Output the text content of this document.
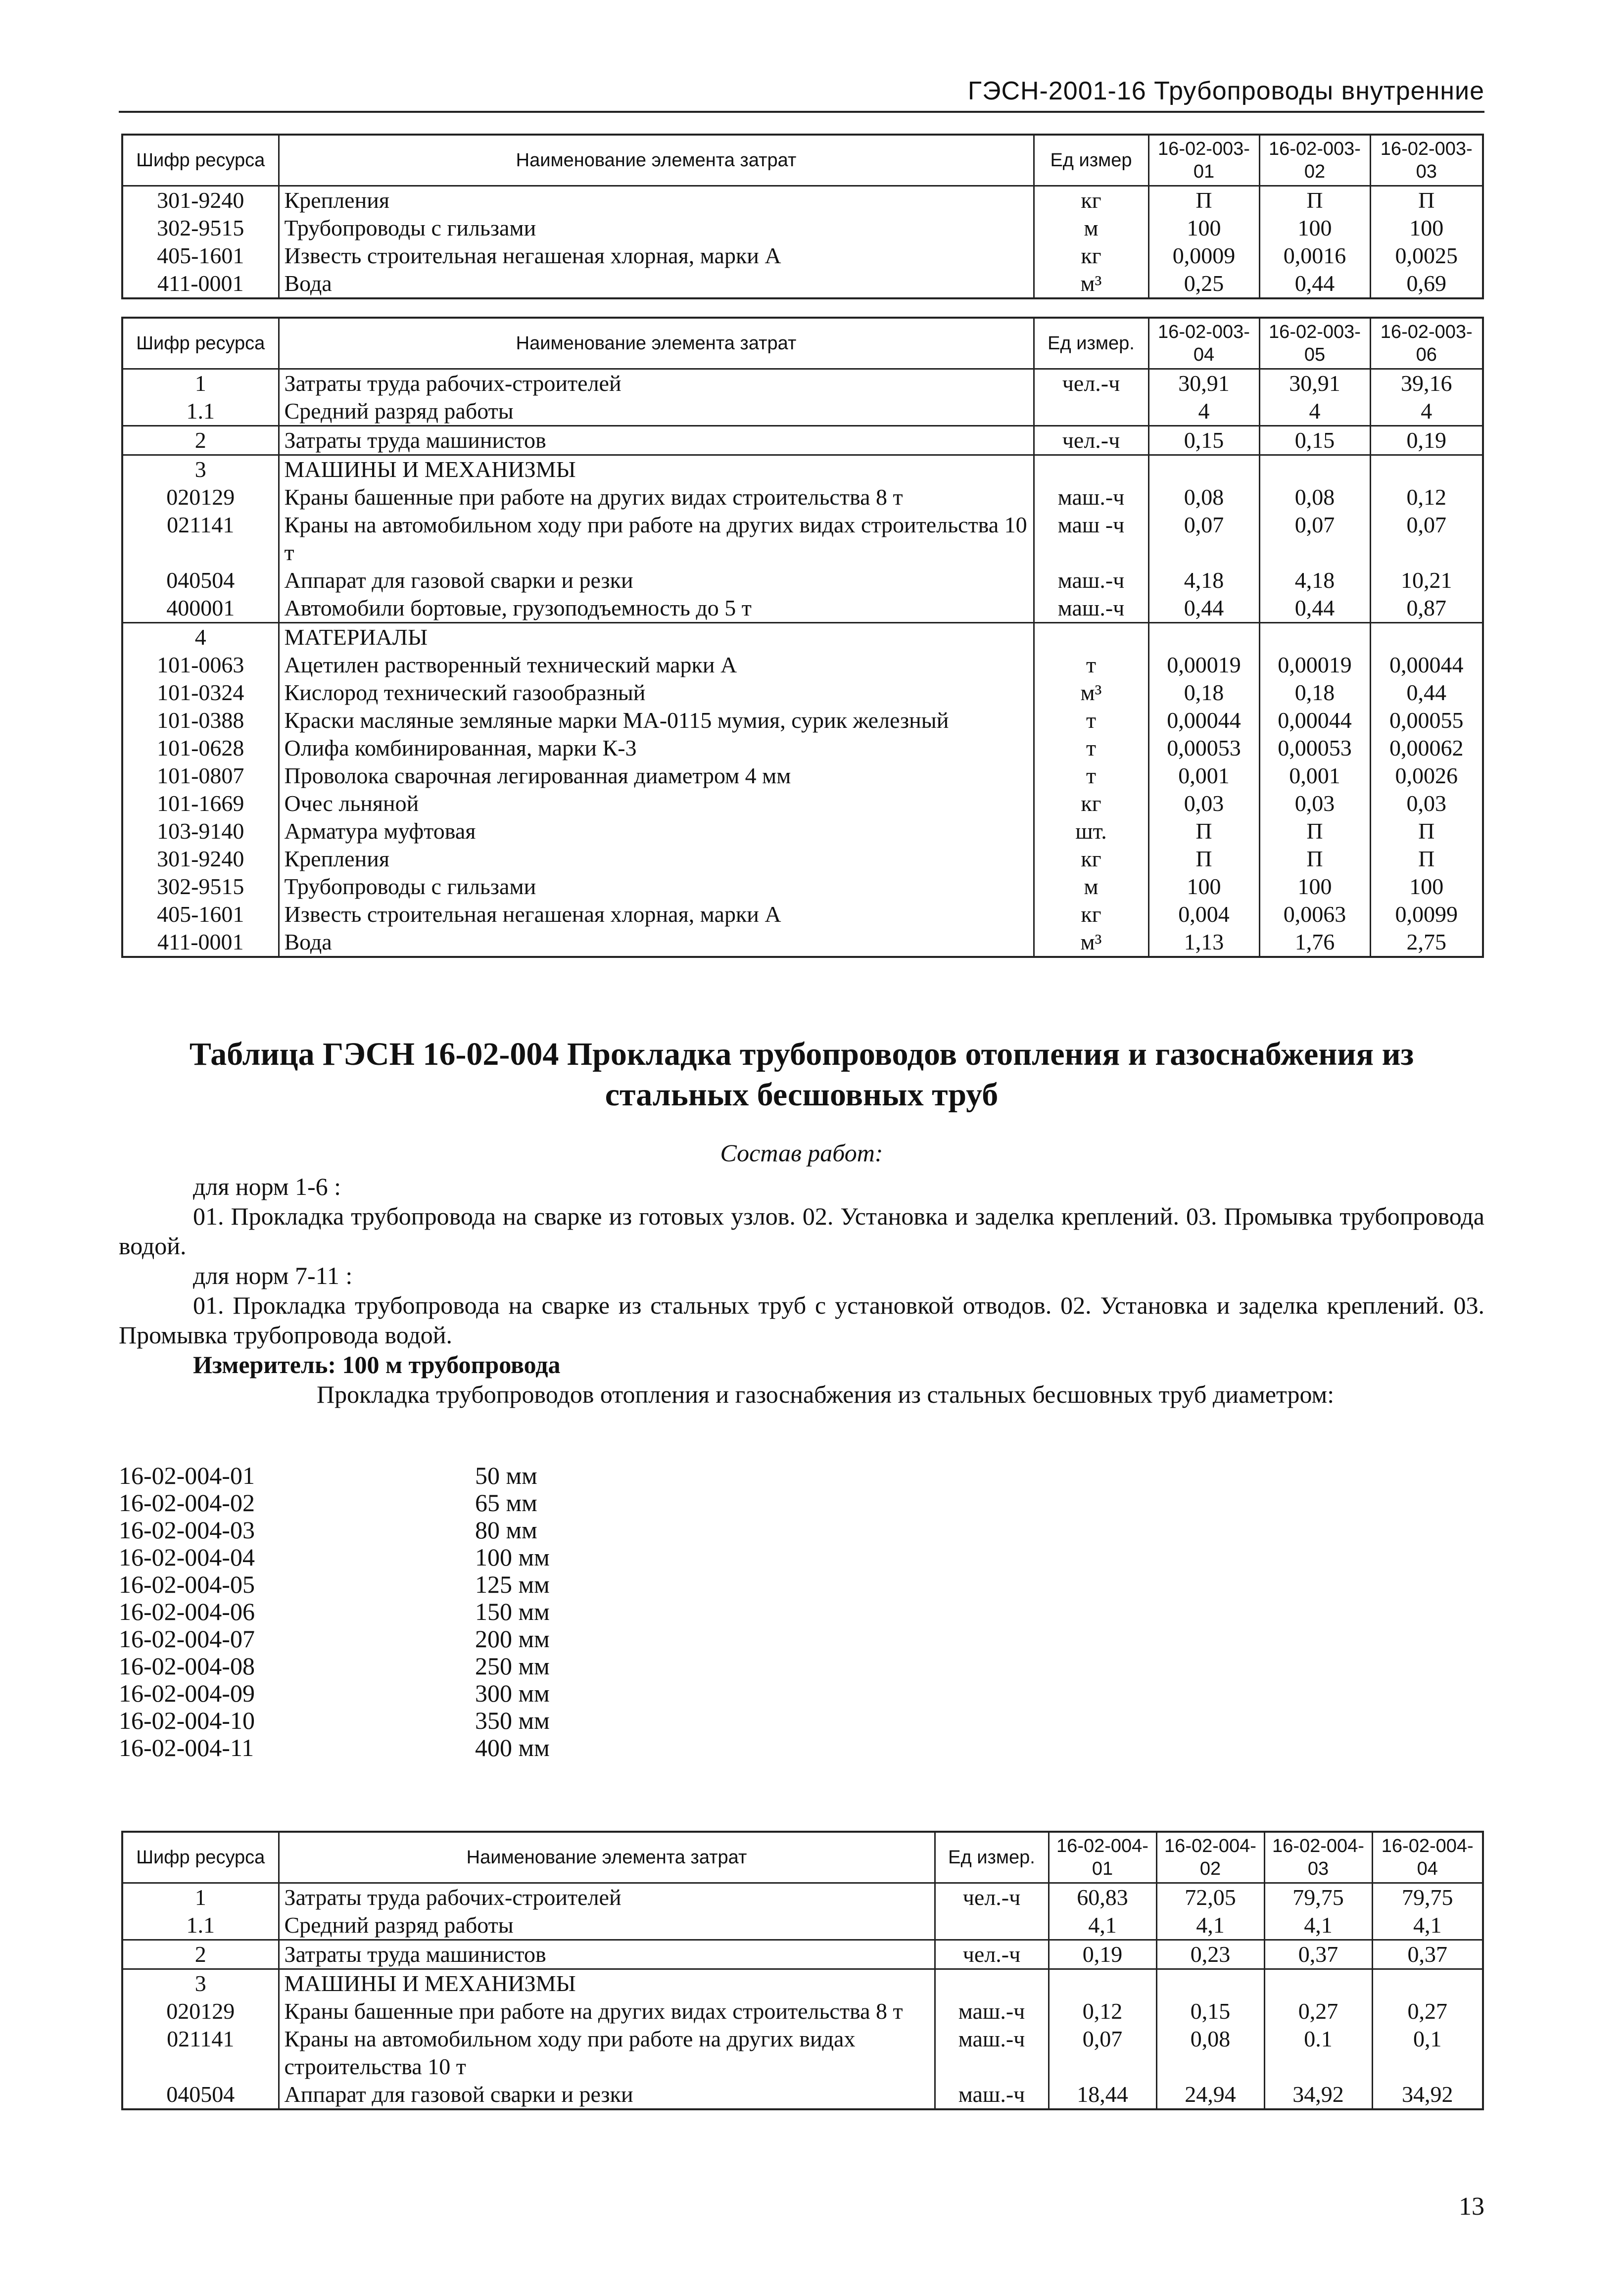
ГЭСН-2001-16 Трубопроводы внутренние
Шифр ресурса	Наименование элемента затрат	Ед измер	16-02-003-01	16-02-003-02	16-02-003-03
301-9240	Крепления	кг	П	П	П
302-9515	Трубопроводы с гильзами	м	100	100	100
405-1601	Известь строительная негашеная хлорная, марки А	кг	0,0009	0,0016	0,0025
411-0001	Вода	м³	0,25	0,44	0,69
Шифр ресурса	Наименование элемента затрат	Ед измер.	16-02-003-04	16-02-003-05	16-02-003-06
1	Затраты труда рабочих-строителей	чел.-ч	30,91	30,91	39,16
1.1	Средний разряд работы		4	4	4
2	Затраты труда машинистов	чел.-ч	0,15	0,15	0,19
3	МАШИНЫ И МЕХАНИЗМЫ				
020129	Краны башенные при работе на других видах строительства 8 т	маш.-ч	0,08	0,08	0,12
021141	Краны на автомобильном ходу при работе на других видах строительства 10 т	маш -ч	0,07	0,07	0,07
040504	Аппарат для газовой сварки и резки	маш.-ч	4,18	4,18	10,21
400001	Автомобили бортовые, грузоподъемность до 5 т	маш.-ч	0,44	0,44	0,87
4	МАТЕРИАЛЫ				
101-0063	Ацетилен растворенный технический марки А	т	0,00019	0,00019	0,00044
101-0324	Кислород технический газообразный	м³	0,18	0,18	0,44
101-0388	Краски масляные земляные марки МА-0115 мумия, сурик железный	т	0,00044	0,00044	0,00055
101-0628	Олифа комбинированная, марки К-3	т	0,00053	0,00053	0,00062
101-0807	Проволока сварочная легированная диаметром 4 мм	т	0,001	0,001	0,0026
101-1669	Очес льняной	кг	0,03	0,03	0,03
103-9140	Арматура муфтовая	шт.	П	П	П
301-9240	Крепления	кг	П	П	П
302-9515	Трубопроводы с гильзами	м	100	100	100
405-1601	Известь строительная негашеная хлорная, марки А	кг	0,004	0,0063	0,0099
411-0001	Вода	м³	1,13	1,76	2,75
Таблица ГЭСН 16-02-004 Прокладка трубопроводов отопления и газоснабжения из стальных бесшовных труб
Состав работ:
для норм 1-6 :
01. Прокладка трубопровода на сварке из готовых узлов. 02. Установка и заделка креплений. 03. Промывка трубопровода водой.
для норм 7-11 :
01. Прокладка трубопровода на сварке из стальных труб с установкой отводов. 02. Установка и заделка креплений. 03. Промывка трубопровода водой.
Измеритель: 100 м трубопровода
Прокладка трубопроводов отопления и газоснабжения из стальных бесшовных труб диаметром:
16-02-004-01	50 мм
16-02-004-02	65 мм
16-02-004-03	80 мм
16-02-004-04	100 мм
16-02-004-05	125 мм
16-02-004-06	150 мм
16-02-004-07	200 мм
16-02-004-08	250 мм
16-02-004-09	300 мм
16-02-004-10	350 мм
16-02-004-11	400 мм
Шифр ресурса	Наименование элемента затрат	Ед измер.	16-02-004-01	16-02-004-02	16-02-004-03	16-02-004-04
1	Затраты труда рабочих-строителей	чел.-ч	60,83	72,05	79,75	79,75
1.1	Средний разряд работы		4,1	4,1	4,1	4,1
2	Затраты труда машинистов	чел.-ч	0,19	0,23	0,37	0,37
3	МАШИНЫ И МЕХАНИЗМЫ					
020129	Краны башенные при работе на других видах строительства 8 т	маш.-ч	0,12	0,15	0,27	0,27
021141	Краны на автомобильном ходу при работе на других видах строительства 10 т	маш.-ч	0,07	0,08	0.1	0,1
040504	Аппарат для газовой сварки и резки	маш.-ч	18,44	24,94	34,92	34,92
13
